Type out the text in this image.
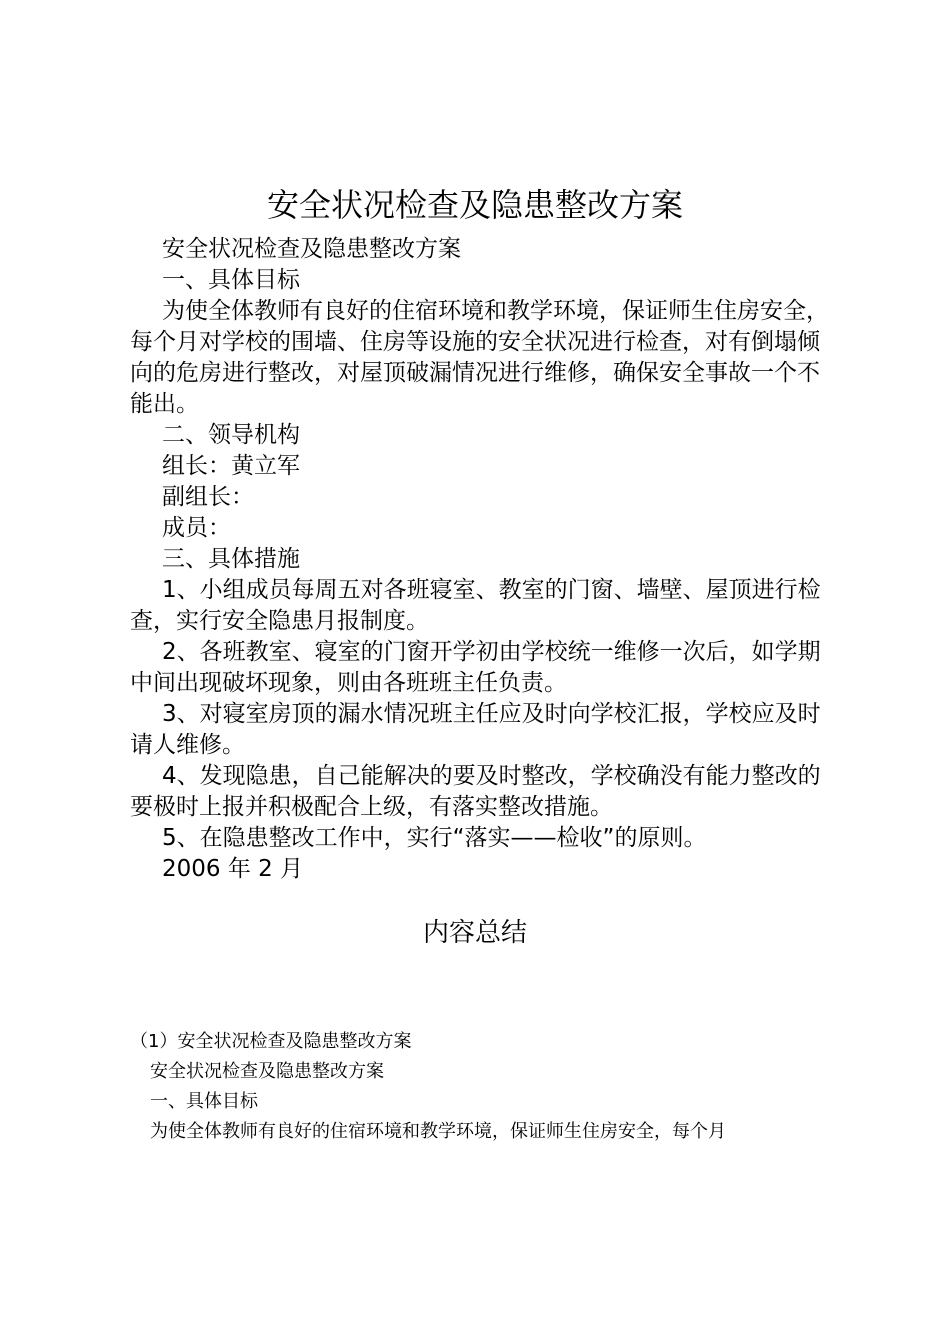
安全状况检查及隐患整改方案

安全状况检查及隐患整改方案

一、具体目标

为使全体教师有良好的住宿环境和教学环境，保证师生住房安全，每个月对学校的围墙、住房等设施的安全状况进行检查，对有倒塌倾向的危房进行整改，对屋顶破漏情况进行维修，确保安全事故一个不能出。

二、领导机构

组长：黄立军

副组长：

成员：

三、具体措施

1、小组成员每周五对各班寝室、教室的门窗、墙壁、屋顶进行检查，实行安全隐患月报制度。

2、各班教室、寝室的门窗开学初由学校统一维修一次后，如学期中间出现破坏现象，则由各班班主任负责。

3、对寝室房顶的漏水情况班主任应及时向学校汇报，学校应及时请人维修。

4、发现隐患，自己能解决的要及时整改，学校确没有能力整改的要极时上报并积极配合上级，有落实整改措施。

5、在隐患整改工作中，实行“落实——检收”的原则。

2006 年 2 月

内容总结

（1）安全状况检查及隐患整改方案

安全状况检查及隐患整改方案

一、具体目标

为使全体教师有良好的住宿环境和教学环境，保证师生住房安全，每个月
